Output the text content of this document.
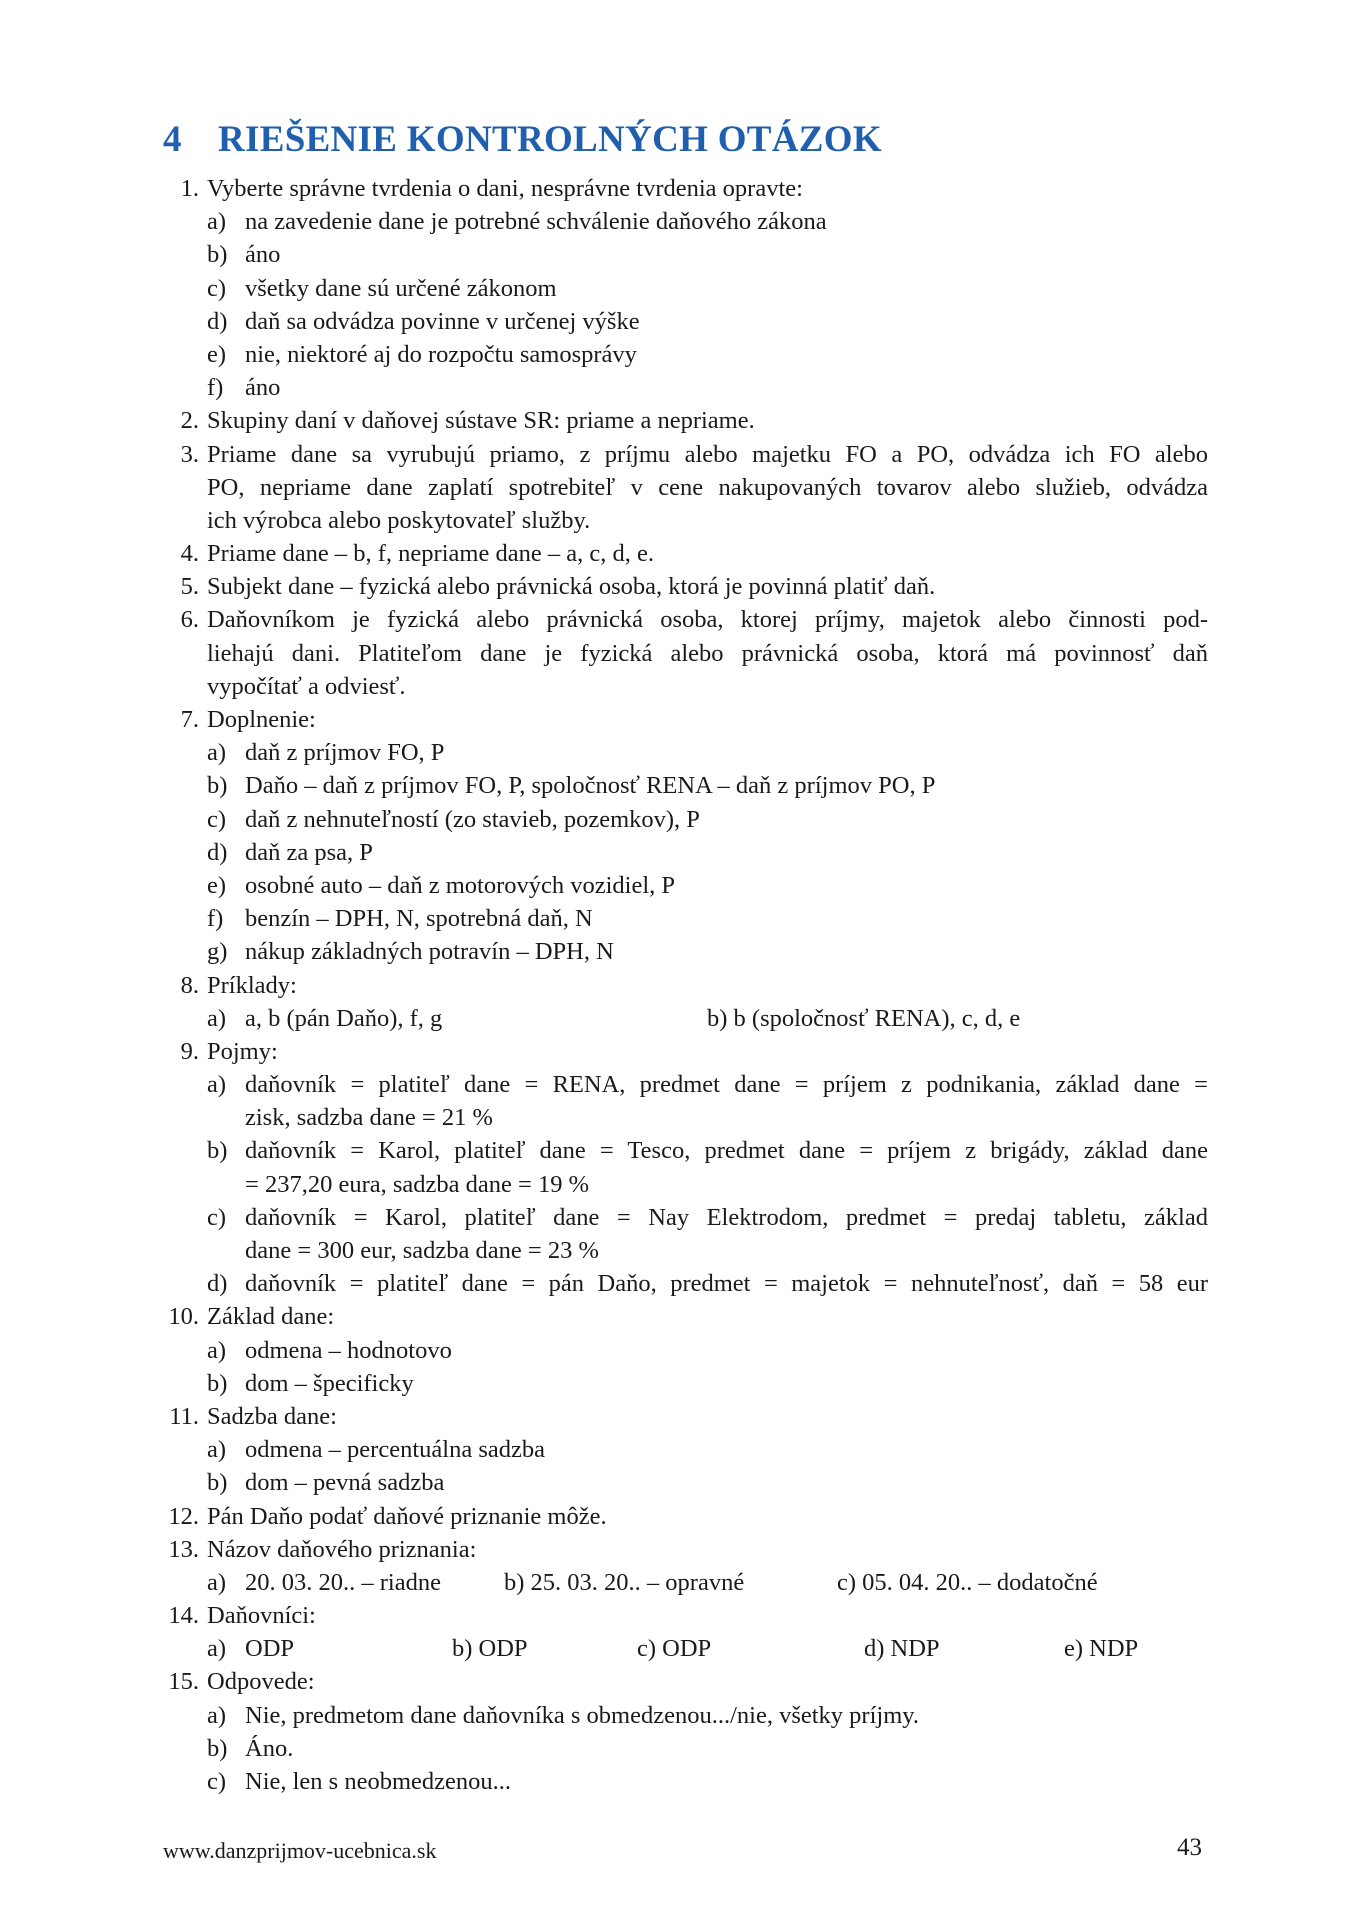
4 RIEŠENIE KONTROLNÝCH OTÁZOK
1. Vyberte správne tvrdenia o dani, nesprávne tvrdenia opravte:
a) na zavedenie dane je potrebné schválenie daňového zákona
b) áno
c) všetky dane sú určené zákonom
d) daň sa odvádza povinne v určenej výške
e) nie, niektoré aj do rozpočtu samosprávy
f) áno
2. Skupiny daní v daňovej sústave SR: priame a nepriame.
3. Priame dane sa vyrubujú priamo, z príjmu alebo majetku FO a PO, odvádza ich FO alebo
PO, nepriame dane zaplatí spotrebiteľ v cene nakupovaných tovarov alebo služieb, odvádza
ich výrobca alebo poskytovateľ služby.
4. Priame dane – b, f, nepriame dane – a, c, d, e.
5. Subjekt dane – fyzická alebo právnická osoba, ktorá je povinná platiť daň.
6. Daňovníkom je fyzická alebo právnická osoba, ktorej príjmy, majetok alebo činnosti pod-
liehajú dani. Platiteľom dane je fyzická alebo právnická osoba, ktorá má povinnosť daň
vypočítať a odviesť.
7. Doplnenie:
a) daň z príjmov FO, P
b) Daňo – daň z príjmov FO, P, spoločnosť RENA – daň z príjmov PO, P
c) daň z nehnuteľností (zo stavieb, pozemkov), P
d) daň za psa, P
e) osobné auto – daň z motorových vozidiel, P
f) benzín – DPH, N, spotrebná daň, N
g) nákup základných potravín – DPH, N
8. Príklady:
a) a, b (pán Daňo), f, g	b) b (spoločnosť RENA), c, d, e
9. Pojmy:
a) daňovník = platiteľ dane = RENA, predmet dane = príjem z podnikania, základ dane =
zisk, sadzba dane = 21 %
b) daňovník = Karol, platiteľ dane = Tesco, predmet dane = príjem z brigády, základ dane
= 237,20 eura, sadzba dane = 19 %
c) daňovník = Karol, platiteľ dane = Nay Elektrodom, predmet = predaj tabletu, základ
dane = 300 eur, sadzba dane = 23 %
d) daňovník = platiteľ dane = pán Daňo, predmet = majetok = nehnuteľnosť, daň = 58 eur
10. Základ dane:
a) odmena – hodnotovo
b) dom – špecificky
11. Sadzba dane:
a) odmena – percentuálna sadzba
b) dom – pevná sadzba
12. Pán Daňo podať daňové priznanie môže.
13. Názov daňového priznania:
a) 20. 03. 20.. – riadne	b) 25. 03. 20.. – opravné	c) 05. 04. 20.. – dodatočné
14. Daňovníci:
a) ODP	b) ODP	c) ODP	d) NDP	e) NDP
15. Odpovede:
a) Nie, predmetom dane daňovníka s obmedzenou.../nie, všetky príjmy.
b) Áno.
c) Nie, len s neobmedzenou...
www.danzprijmov-ucebnica.sk	43
